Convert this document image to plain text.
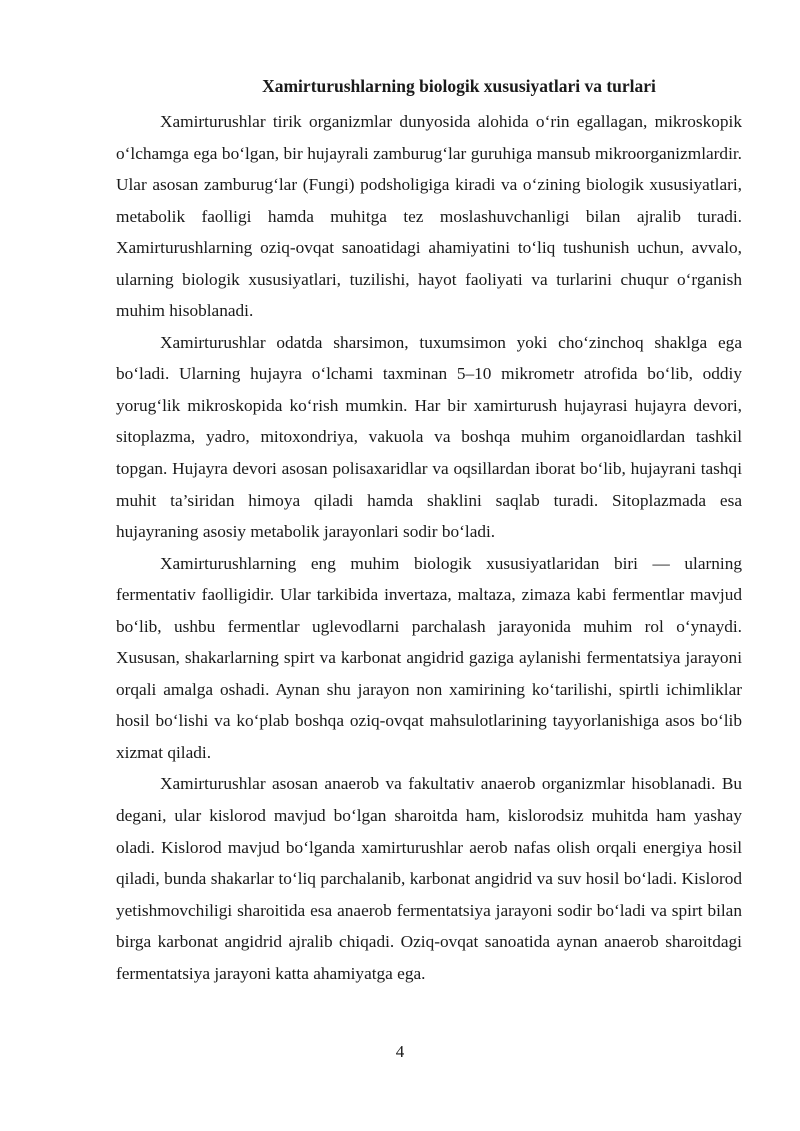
Xamirturushlarning biologik xususiyatlari va turlari

Xamirturushlar tirik organizmlar dunyosida alohida o‘rin egallagan, mikroskopik o‘lchamga ega bo‘lgan, bir hujayrali zamburug‘lar guruhiga mansub mikroorganizmlardir. Ular asosan zamburug‘lar (Fungi) podsholigiga kiradi va o‘zining biologik xususiyatlari, metabolik faolligi hamda muhitga tez moslashuvchanligi bilan ajralib turadi. Xamirturushlarning oziq-ovqat sanoatidagi ahamiyatini to‘liq tushunish uchun, avvalo, ularning biologik xususiyatlari, tuzilishi, hayot faoliyati va turlarini chuqur o‘rganish muhim hisoblanadi.

Xamirturushlar odatda sharsimon, tuxumsimon yoki cho‘zinchoq shaklga ega bo‘ladi. Ularning hujayra o‘lchami taxminan 5–10 mikrometr atrofida bo‘lib, oddiy yorug‘lik mikroskopida ko‘rish mumkin. Har bir xamirturush hujayrasi hujayra devori, sitoplazma, yadro, mitoxondriya, vakuola va boshqa muhim organoidlardan tashkil topgan. Hujayra devori asosan polisaxaridlar va oqsillardan iborat bo‘lib, hujayrani tashqi muhit ta’siridan himoya qiladi hamda shaklini saqlab turadi. Sitoplazmada esa hujayraning asosiy metabolik jarayonlari sodir bo‘ladi.

Xamirturushlarning eng muhim biologik xususiyatlaridan biri — ularning fermentativ faolligidir. Ular tarkibida invertaza, maltaza, zimaza kabi fermentlar mavjud bo‘lib, ushbu fermentlar uglevodlarni parchalash jarayonida muhim rol o‘ynaydi. Xususan, shakarlarning spirt va karbonat angidrid gaziga aylanishi fermentatsiya jarayoni orqali amalga oshadi. Aynan shu jarayon non xamirining ko‘tarilishi, spirtli ichimliklar hosil bo‘lishi va ko‘plab boshqa oziq-ovqat mahsulotlarining tayyorlanishiga asos bo‘lib xizmat qiladi.

Xamirturushlar asosan anaerob va fakultativ anaerob organizmlar hisoblanadi. Bu degani, ular kislorod mavjud bo‘lgan sharoitda ham, kislorodsiz muhitda ham yashay oladi. Kislorod mavjud bo‘lganda xamirturushlar aerob nafas olish orqali energiya hosil qiladi, bunda shakarlar to‘liq parchalanib, karbonat angidrid va suv hosil bo‘ladi. Kislorod yetishmovchiligi sharoitida esa anaerob fermentatsiya jarayoni sodir bo‘ladi va spirt bilan birga karbonat angidrid ajralib chiqadi. Oziq-ovqat sanoatida aynan anaerob sharoitdagi fermentatsiya jarayoni katta ahamiyatga ega.

4
